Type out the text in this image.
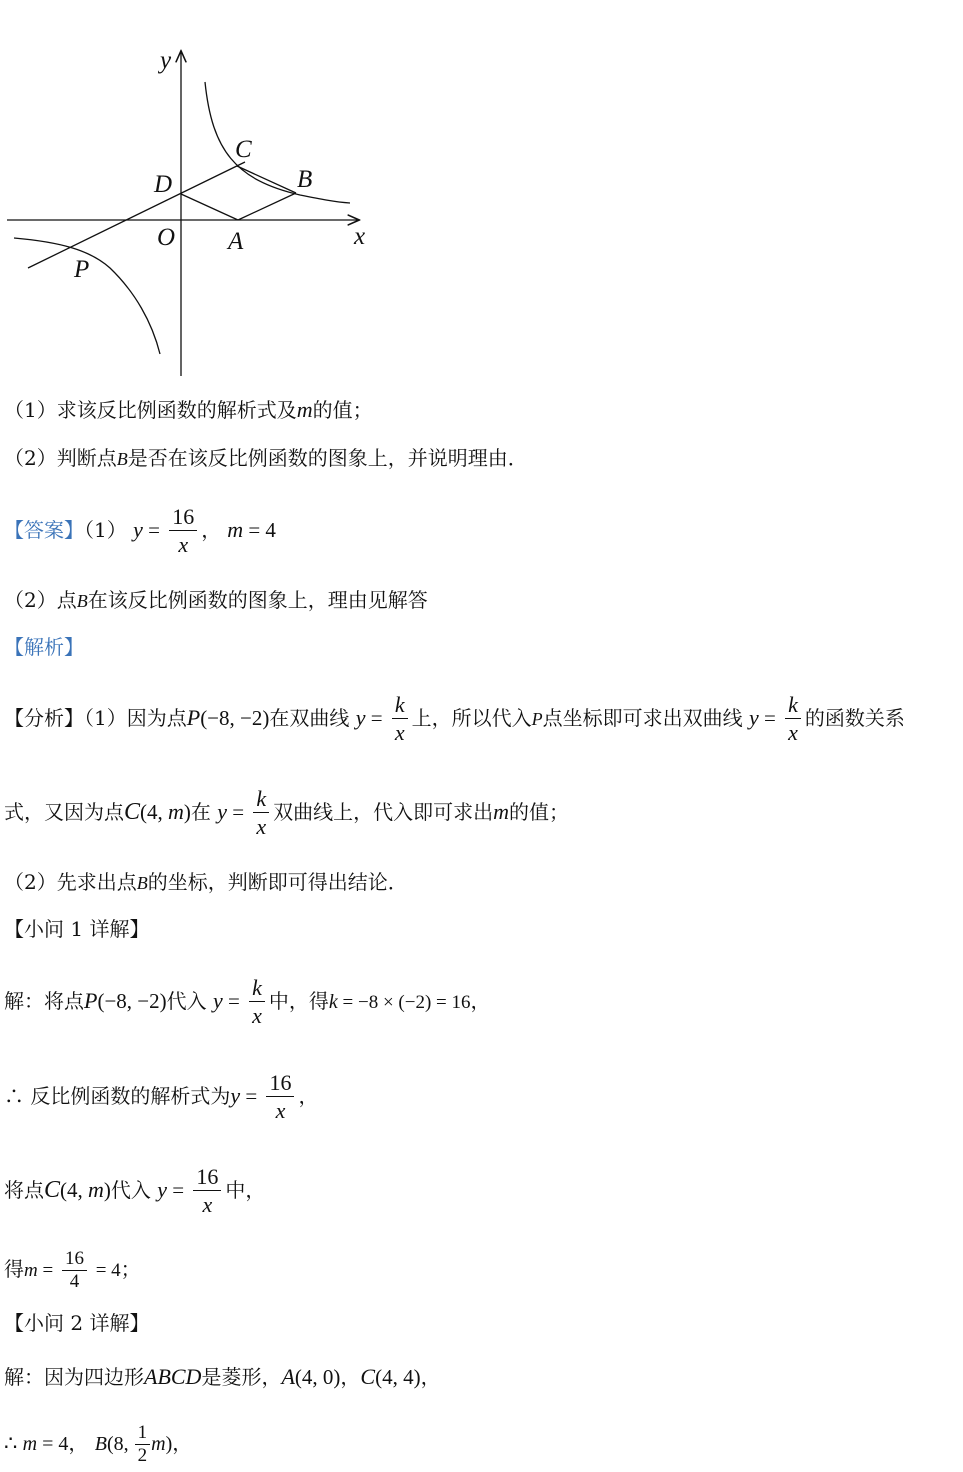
y
x
O A
B
C
D
P
（1）求该反比例函数的解析式及m的值；
（2）判断点B是否在该反比例函数的图象上，并说明理由．
【答案】（1） $y = \frac{16}{x}$ ， m = 4
（2）点B在该反比例函数的图象上，理由见解答
【解析】
【分析】（1）因为点P(−8, −2)在双曲线 $y = \frac{k}{x}$ 上，所以代入P点坐标即可求出双曲线 $y = \frac{k}{x}$ 的函数关系
式，又因为点C(4, m)在 $y = \frac{k}{x}$ 双曲线上，代入即可求出m的值；
（2）先求出点B的坐标，判断即可得出结论．
【小问 1 详解】
解：将点P(−8, −2)代入 $y = \frac{k}{x}$ 中，得k = −8 × (−2) = 16，
∴ 反比例函数的解析式为$y = \frac{16}{x}$ ，
将点C(4, m)代入 $y = \frac{16}{x}$ 中，
得$m = \frac{16}{4} = 4$；
【小问 2 详解】
解：因为四边形ABCD是菱形，A(4, 0)，C(4, 4)，
∴ m = 4， B(8, $\frac{1}{2} m$)，
